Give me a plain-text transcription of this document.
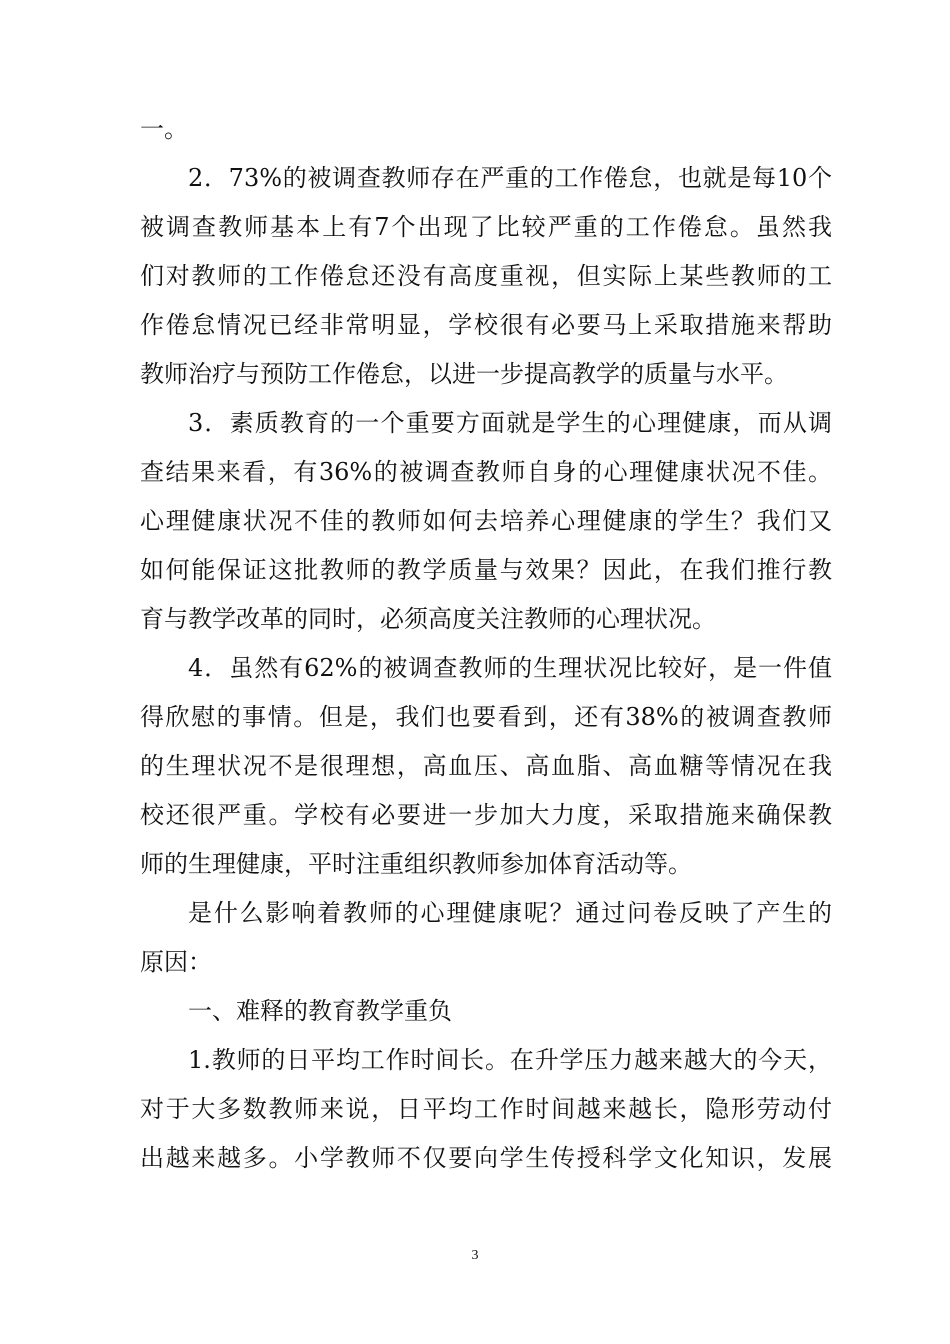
一。
2．73%的被调查教师存在严重的工作倦怠，也就是每10个
被调查教师基本上有7个出现了比较严重的工作倦怠。虽然我
们对教师的工作倦怠还没有高度重视，但实际上某些教师的工
作倦怠情况已经非常明显，学校很有必要马上采取措施来帮助
教师治疗与预防工作倦怠，以进一步提高教学的质量与水平。
3．素质教育的一个重要方面就是学生的心理健康，而从调
查结果来看，有36%的被调查教师自身的心理健康状况不佳。
心理健康状况不佳的教师如何去培养心理健康的学生？我们又
如何能保证这批教师的教学质量与效果？因此，在我们推行教
育与教学改革的同时，必须高度关注教师的心理状况。
4．虽然有62%的被调查教师的生理状况比较好，是一件值
得欣慰的事情。但是，我们也要看到，还有38%的被调查教师
的生理状况不是很理想，高血压、高血脂、高血糖等情况在我
校还很严重。学校有必要进一步加大力度，采取措施来确保教
师的生理健康，平时注重组织教师参加体育活动等。
是什么影响着教师的心理健康呢？通过问卷反映了产生的
原因：
一、难释的教育教学重负
1.教师的日平均工作时间长。在升学压力越来越大的今天，
对于大多数教师来说，日平均工作时间越来越长，隐形劳动付
出越来越多。小学教师不仅要向学生传授科学文化知识，发展
3
